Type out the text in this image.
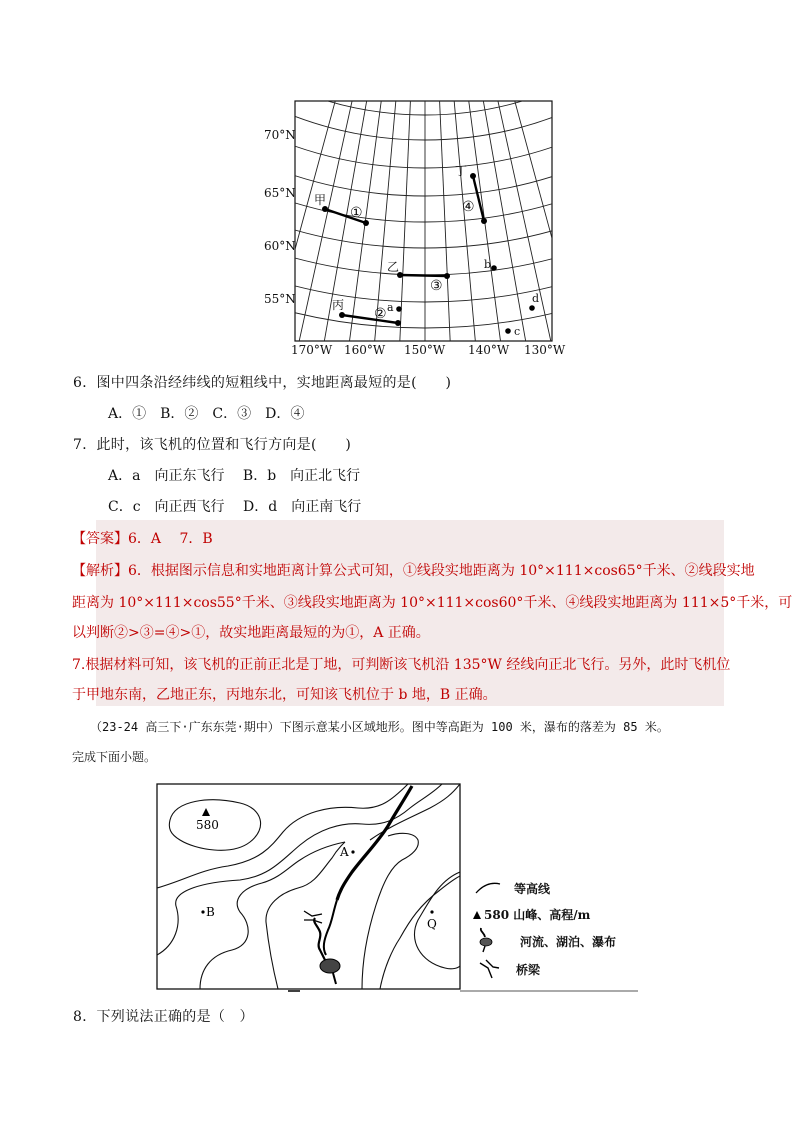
70°N
65°N
60°N
55°N
170°W 160°W 150°W 140°W 130°W
甲
乙
丙
丁
①
②
③
④
a
b
c
d
6．图中四条沿经纬线的短粗线中，实地距离最短的是(　　)
A．①　B．②　C．③　D．④
7．此时，该飞机的位置和飞行方向是(　　)
A．a　向正东飞行　 B．b　向正北飞行
C．c　向正西飞行　 D．d　向正南飞行
【答案】6．A　 7．B
【解析】6．根据图示信息和实地距离计算公式可知，①线段实地距离为 10°×111×cos65°千米、②线段实地
距离为 10°×111×cos55°千米、③线段实地距离为 10°×111×cos60°千米、④线段实地距离为 111×5°千米，可
以判断②>③=④>①，故实地距离最短的为①，A 正确。
7.根据材料可知，该飞机的正前正北是丁地，可判断该飞机沿 135°W 经线向正北飞行。另外，此时飞机位
于甲地东南，乙地正东，丙地东北，可知该飞机位于 b 地，B 正确。
（23-24 高三下·广东东莞·期中）下图示意某小区域地形。图中等高距为 100 米，瀑布的落差为 85 米。
完成下面小题。
580
A
B
Q
等高线
580 山峰、高程/m
河流、湖泊、瀑布
桥梁
8．下列说法正确的是（　）
